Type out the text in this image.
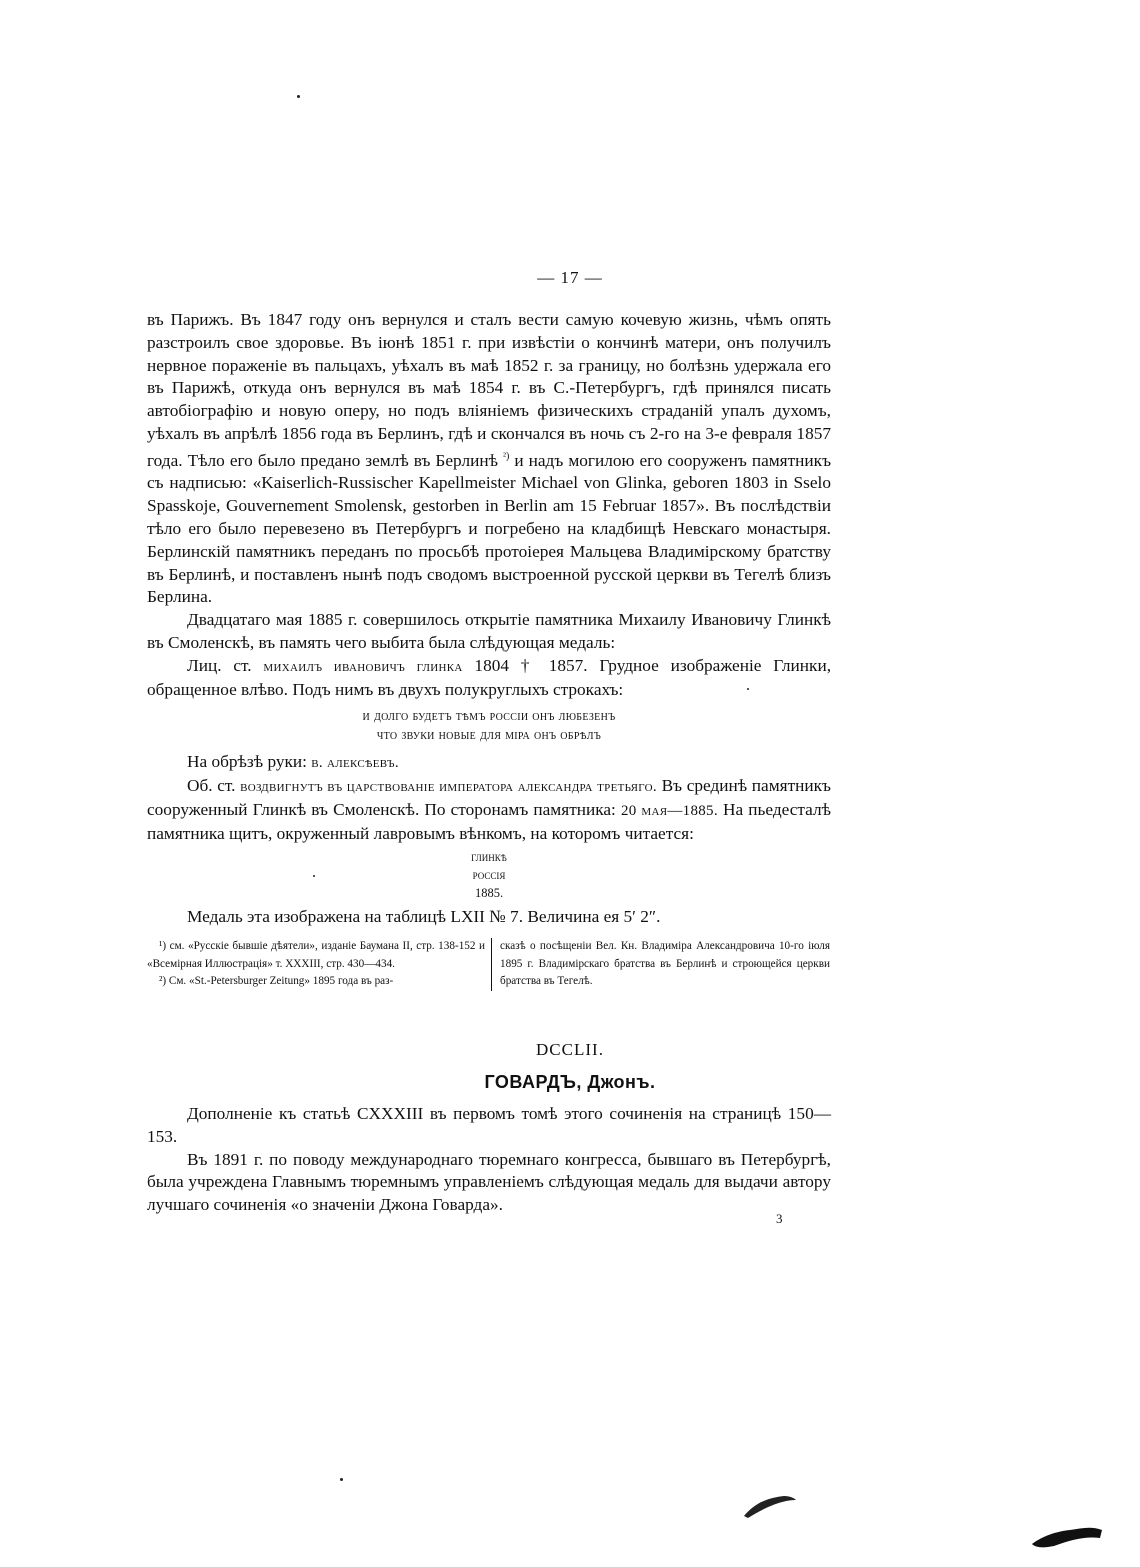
— 17 —

въ Парижъ. Въ 1847 году онъ вернулся и сталъ вести самую кочевую жизнь, чѣмъ опять разстроилъ свое здоровье. Въ іюнѣ 1851 г. при извѣстіи о кончинѣ матери, онъ получилъ нервное пораженіе въ пальцахъ, уѣхалъ въ маѣ 1852 г. за границу, но болѣзнь удержала его въ Парижѣ, откуда онъ вернулся въ маѣ 1854 г. въ С.-Петербургъ, гдѣ принялся писать автобіографію и новую оперу, но подъ вліяніемъ физическихъ страданій упалъ духомъ, уѣхалъ въ апрѣлѣ 1856 года въ Берлинъ, гдѣ и скончался въ ночь съ 2-го на 3-е февраля 1857 года. Тѣло его было предано землѣ въ Берлинѣ $^{^2)}$ и надъ могилою его сооруженъ памятникъ съ надписью: «Kaiserlich-Russischer Kapellmeister Michael von Glinka, geboren 1803 in Sselo Spasskoje, Gouvernement Smolensk, gestorben in Berlin am 15 Februar 1857». Въ послѣдствіи тѣло его было перевезено въ Петербургъ и погребено на кладбищѣ Невскаго монастыря. Берлинскій памятникъ переданъ по просьбѣ протоіерея Мальцева Владимірскому братству въ Берлинѣ, и поставленъ нынѣ подъ сводомъ выстроенной русской церкви въ Тегелѣ близъ Берлина.

Двадцатаго мая 1885 г. совершилось открытіе памятника Михаилу Ивановичу Глинкѣ въ Смоленскѣ, въ память чего выбита была слѣдующая медаль:

Лиц. ст. михаилъ ивановичъ глинка 1804 † 1857. Грудное изображеніе Глинки, обращенное влѣво. Подъ нимъ въ двухъ полукруглыхъ строкахъ:

и долго будетъ тѣмъ россіи онъ любезенъ
что звуки новые для міра онъ обрѣлъ

На обрѣзѣ руки: в. алексѣевъ.

Об. ст. воздвигнутъ въ царствованіе императора александра третьяго. Въ срединѣ памятникъ сооруженный Глинкѣ въ Смоленскѣ. По сторонамъ памятника: 20 мая—1885. На пьедесталѣ памятника щитъ, окруженный лавровымъ вѣнкомъ, на которомъ читается:

глинкѣ
россія
1885.

Медаль эта изображена на таблицѣ LXII № 7. Величина ея 5′ 2″.

¹) см. «Русскіе бывшіе дѣятели», изданіе Баумана II, стр. 138-152 и «Всемірная Иллюстрація» т. XXXIII, стр. 430—434.

²) См. «St.-Petersburger Zeitung» 1895 года въ раз-

сказѣ о посѣщеніи Вел. Кн. Владиміра Александровича 10-го іюля 1895 г. Владимірскаго братства въ Берлинѣ и строющейся церкви братства въ Тегелѣ.

DCCLII.
ГОВАРДЪ, Джонъ.

Дополненіе къ статьѣ CXXXIII въ первомъ томѣ этого сочиненія на страницѣ 150—153.

Въ 1891 г. по поводу международнаго тюремнаго конгресса, бывшаго въ Петербургѣ, была учреждена Главнымъ тюремнымъ управленіемъ слѣдующая медаль для выдачи автору лучшаго сочиненія «о значеніи Джона Говарда».

3
